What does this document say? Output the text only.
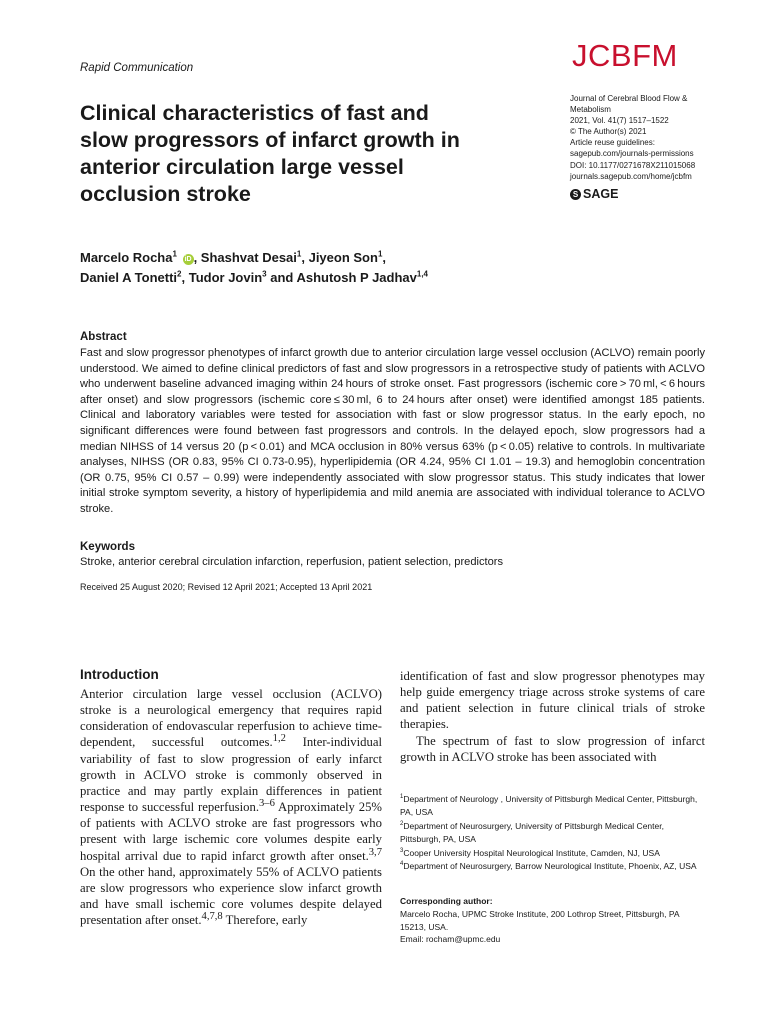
Rapid Communication	JCBFM
Clinical characteristics of fast and slow progressors of infarct growth in anterior circulation large vessel occlusion stroke
Journal of Cerebral Blood Flow &
Metabolism
2021, Vol. 41(7) 1517–1522
© The Author(s) 2021
Article reuse guidelines:
sagepub.com/journals-permissions
DOI: 10.1177/0271678X211015068
journals.sagepub.com/home/jcbfm
S SAGE
Marcelo Rocha$^1$ iD , Shashvat Desai$^1$, Jiyeon Son$^1$,
Daniel A Tonetti$^2$, Tudor Jovin$^3$ and Ashutosh P Jadhav$^{1,4}$
Abstract
Fast and slow progressor phenotypes of infarct growth due to anterior circulation large vessel occlusion (ACLVO) remain poorly understood. We aimed to define clinical predictors of fast and slow progressors in a retrospective study of patients with ACLVO who underwent baseline advanced imaging within 24 hours of stroke onset. Fast progressors (ischemic core > 70 ml, < 6 hours after onset) and slow progressors (ischemic core ≤ 30 ml, 6 to 24 hours after onset) were identified amongst 185 patients. Clinical and laboratory variables were tested for association with fast or slow progressor status. In the early epoch, no significant differences were found between fast progressors and controls. In the delayed epoch, slow progressors had a median NIHSS of 14 versus 20 (p < 0.01) and MCA occlusion in 80% versus 63% (p < 0.05) relative to controls. In multivariate analyses, NIHSS (OR 0.83, 95% CI 0.73-0.95), hyperlipidemia (OR 4.24, 95% CI 1.01 – 19.3) and hemoglobin concentration (OR 0.75, 95% CI 0.57 – 0.99) were independently associated with slow progressor status. This study indicates that lower initial stroke symptom severity, a history of hyperlipidemia and mild anemia are associated with individual tolerance to ACLVO stroke.
Keywords
Stroke, anterior cerebral circulation infarction, reperfusion, patient selection, predictors
Received 25 August 2020; Revised 12 April 2021; Accepted 13 April 2021
Introduction
Anterior circulation large vessel occlusion (ACLVO) stroke is a neurological emergency that requires rapid consideration of endovascular reperfusion to achieve time-dependent, successful outcomes.$^{1,2}$ Inter-individual variability of fast to slow progression of early infarct growth in ACLVO stroke is commonly observed in practice and may partly explain differences in patient response to successful reperfusion.$^{3-6}$ Approximately 25% of patients with ACLVO stroke are fast progressors who present with large ischemic core volumes despite early hospital arrival due to rapid infarct growth after onset.$^{3,7}$ On the other hand, approximately 55% of ACLVO patients are slow progressors who experience slow infarct growth and have small ischemic core volumes despite delayed presentation after onset.$^{4,7,8}$ Therefore, early

identification of fast and slow progressor phenotypes may help guide emergency triage across stroke systems of care and patient selection in future clinical trials of stroke therapies.

The spectrum of fast to slow progression of infarct growth in ACLVO stroke has been associated with

$^1$Department of Neurology , University of Pittsburgh Medical Center, Pittsburgh, PA, USA
$^2$Department of Neurosurgery, University of Pittsburgh Medical Center, Pittsburgh, PA, USA
$^3$Cooper University Hospital Neurological Institute, Camden, NJ, USA
$^4$Department of Neurosurgery, Barrow Neurological Institute, Phoenix, AZ, USA
Corresponding author:
Marcelo Rocha, UPMC Stroke Institute, 200 Lothrop Street, Pittsburgh, PA 15213, USA.
Email: rocham@upmc.edu
